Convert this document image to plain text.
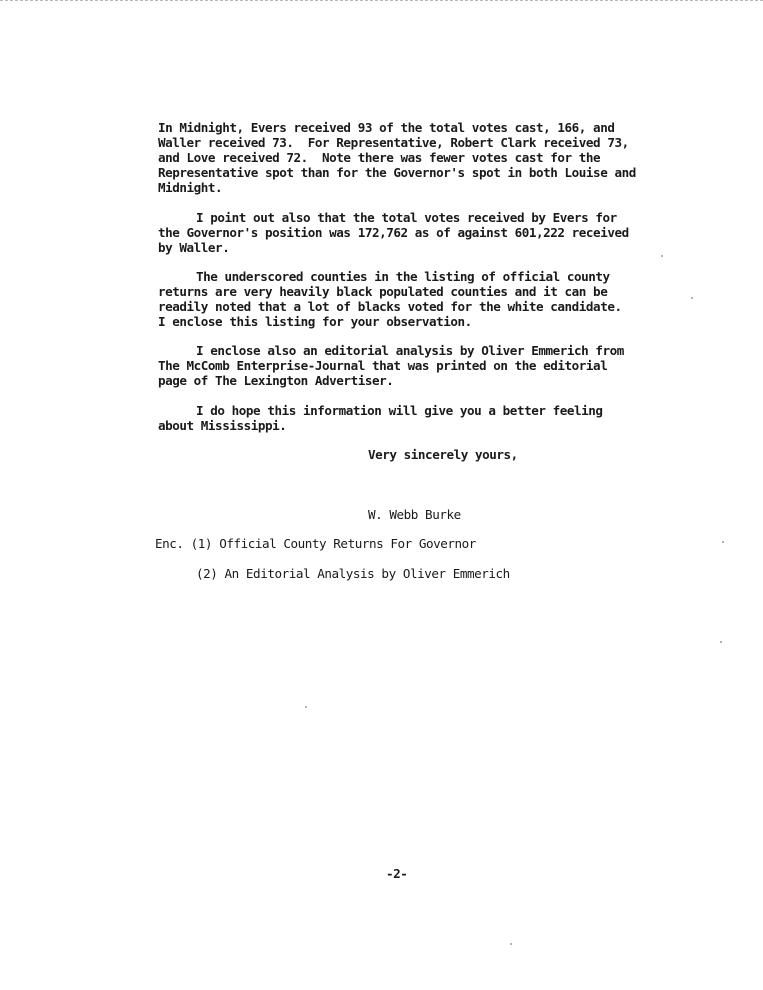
In Midnight, Evers received 93 of the total votes cast, 166, and
Waller received 73.  For Representative, Robert Clark received 73,
and Love received 72.  Note there was fewer votes cast for the
Representative spot than for the Governor's spot in both Louise and
Midnight.
I point out also that the total votes received by Evers for
the Governor's position was 172,762 as of against 601,222 received
by Waller.
The underscored counties in the listing of official county
returns are very heavily black populated counties and it can be
readily noted that a lot of blacks voted for the white candidate.
I enclose this listing for your observation.
I enclose also an editorial analysis by Oliver Emmerich from
The McComb Enterprise-Journal that was printed on the editorial
page of The Lexington Advertiser.
I do hope this information will give you a better feeling
about Mississippi.
Very sincerely yours,
W. Webb Burke
Enc. (1) Official County Returns For Governor
(2) An Editorial Analysis by Oliver Emmerich
-2-
